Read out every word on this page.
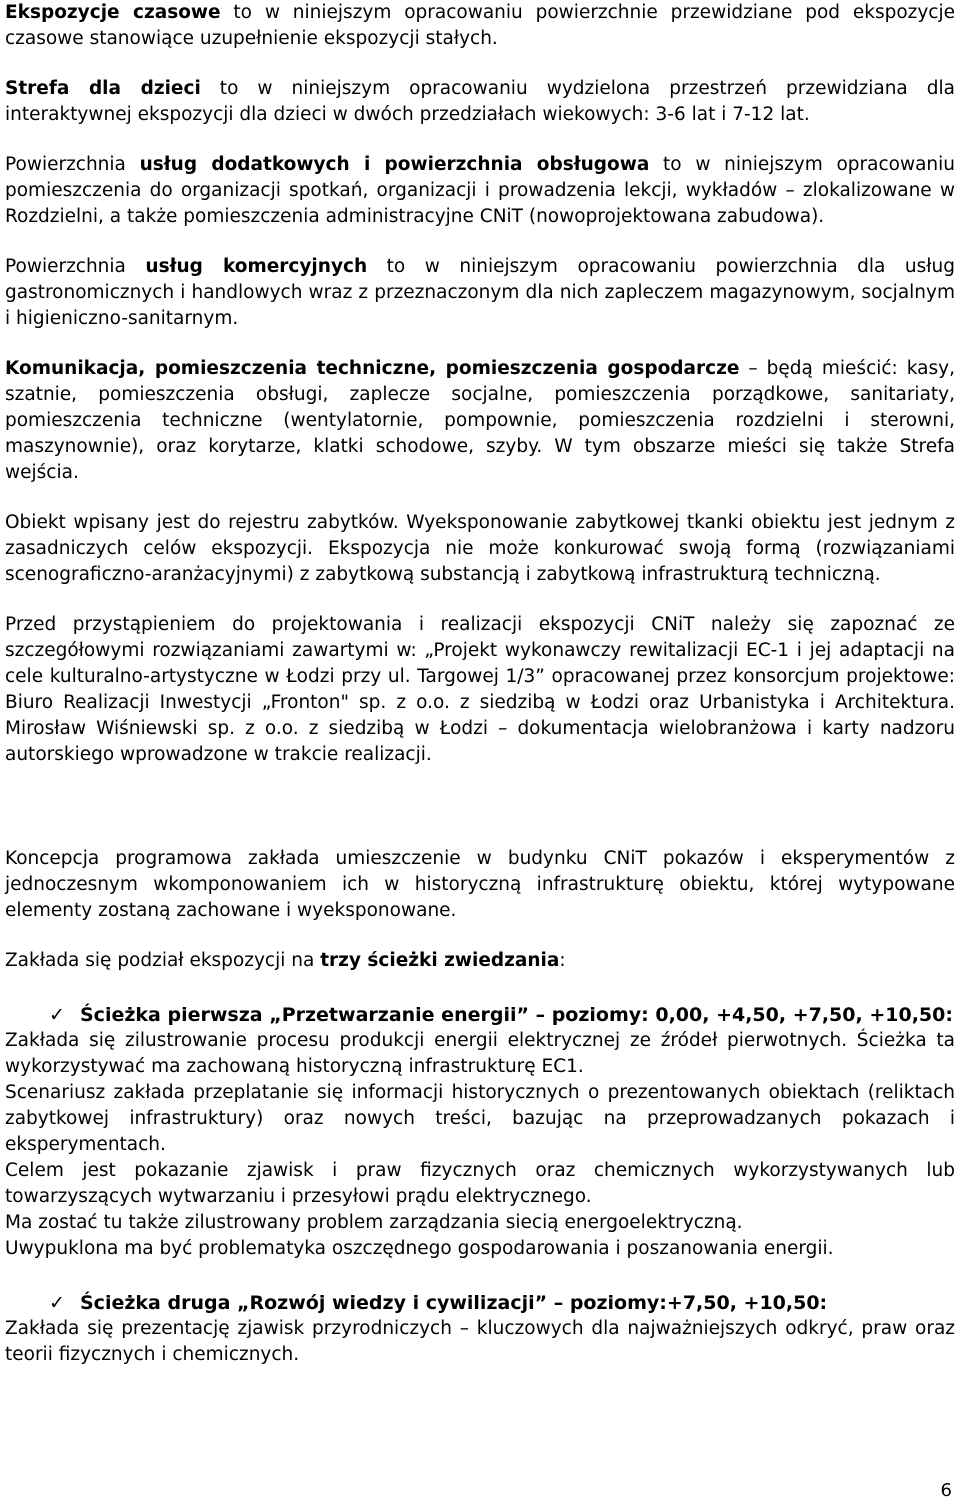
Ekspozycje czasowe to w niniejszym opracowaniu powierzchnie przewidziane pod ekspozycje czasowe stanowiące uzupełnienie ekspozycji stałych.

Strefa dla dzieci to w niniejszym opracowaniu wydzielona przestrzeń przewidziana dla interaktywnej ekspozycji dla dzieci w dwóch przedziałach wiekowych: 3-6 lat i 7-12 lat.

Powierzchnia usług dodatkowych i powierzchnia obsługowa to w niniejszym opracowaniu pomieszczenia do organizacji spotkań, organizacji i prowadzenia lekcji, wykładów – zlokalizowane w Rozdzielni, a także pomieszczenia administracyjne CNiT (nowoprojektowana zabudowa).

Powierzchnia usług komercyjnych to w niniejszym opracowaniu powierzchnia dla usług gastronomicznych i handlowych wraz z przeznaczonym dla nich zapleczem magazynowym, socjalnym i higieniczno-sanitarnym.

Komunikacja, pomieszczenia techniczne, pomieszczenia gospodarcze – będą mieścić: kasy, szatnie, pomieszczenia obsługi, zaplecze socjalne, pomieszczenia porządkowe, sanitariaty, pomieszczenia techniczne (wentylatornie, pompownie, pomieszczenia rozdzielni i sterowni, maszynownie), oraz korytarze, klatki schodowe, szyby. W tym obszarze mieści się także Strefa wejścia.

Obiekt wpisany jest do rejestru zabytków. Wyeksponowanie zabytkowej tkanki obiektu jest jednym z zasadniczych celów ekspozycji. Ekspozycja nie może konkurować swoją formą (rozwiązaniami scenograficzno-aranżacyjnymi) z zabytkową substancją i zabytkową infrastrukturą techniczną.

Przed przystąpieniem do projektowania i realizacji ekspozycji CNiT należy się zapoznać ze szczegółowymi rozwiązaniami zawartymi w: „Projekt wykonawczy rewitalizacji EC-1 i jej adaptacji na cele kulturalno-artystyczne w Łodzi przy ul. Targowej 1/3” opracowanej przez konsorcjum projektowe: Biuro Realizacji Inwestycji „Fronton" sp. z o.o. z siedzibą w Łodzi oraz Urbanistyka i Architektura. Mirosław Wiśniewski sp. z o.o. z siedzibą w Łodzi – dokumentacja wielobranżowa i karty nadzoru autorskiego wprowadzone w trakcie realizacji.

Koncepcja programowa zakłada umieszczenie w budynku CNiT pokazów i eksperymentów z jednoczesnym wkomponowaniem ich w historyczną infrastrukturę obiektu, której wytypowane elementy zostaną zachowane i wyeksponowane.

Zakłada się podział ekspozycji na trzy ścieżki zwiedzania:

✓ Ścieżka pierwsza „Przetwarzanie energii” – poziomy: 0,00, +4,50, +7,50, +10,50:

Zakłada się zilustrowanie procesu produkcji energii elektrycznej ze źródeł pierwotnych. Ścieżka ta wykorzystywać ma zachowaną historyczną infrastrukturę EC1.

Scenariusz zakłada przeplatanie się informacji historycznych o prezentowanych obiektach (reliktach zabytkowej infrastruktury) oraz nowych treści, bazując na przeprowadzanych pokazach i eksperymentach.

Celem jest pokazanie zjawisk i praw fizycznych oraz chemicznych wykorzystywanych lub towarzyszących wytwarzaniu i przesyłowi prądu elektrycznego.

Ma zostać tu także zilustrowany problem zarządzania siecią energoelektryczną.

Uwypuklona ma być problematyka oszczędnego gospodarowania i poszanowania energii.

✓ Ścieżka druga „Rozwój wiedzy i cywilizacji” – poziomy:+7,50, +10,50:

Zakłada się prezentację zjawisk przyrodniczych – kluczowych dla najważniejszych odkryć, praw oraz teorii fizycznych i chemicznych.

6
